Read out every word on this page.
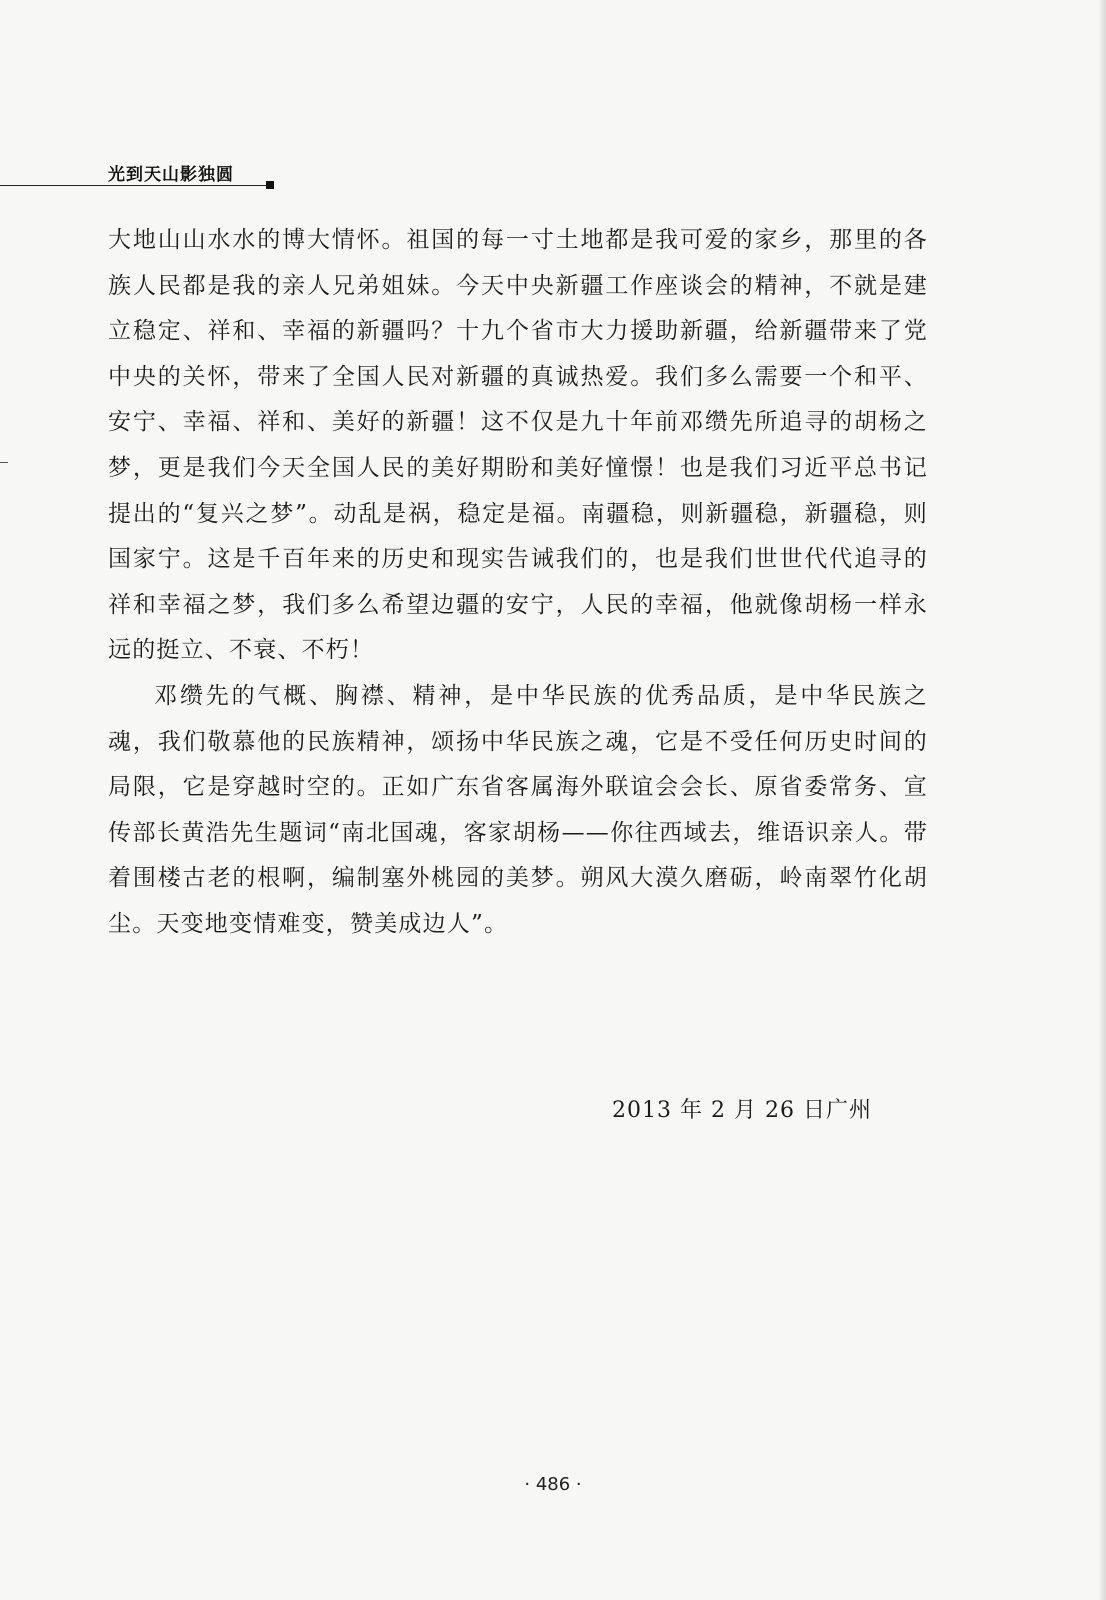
光到天山影独圆

大地山山水水的博大情怀。祖国的每一寸土地都是我可爱的家乡，那里的各族人民都是我的亲人兄弟姐妹。今天中央新疆工作座谈会的精神，不就是建立稳定、祥和、幸福的新疆吗？十九个省市大力援助新疆，给新疆带来了党中央的关怀，带来了全国人民对新疆的真诚热爱。我们多么需要一个和平、安宁、幸福、祥和、美好的新疆！这不仅是九十年前邓缵先所追寻的胡杨之梦，更是我们今天全国人民的美好期盼和美好憧憬！也是我们习近平总书记提出的“复兴之梦”。动乱是祸，稳定是福。南疆稳，则新疆稳，新疆稳，则国家宁。这是千百年来的历史和现实告诫我们的，也是我们世世代代追寻的祥和幸福之梦，我们多么希望边疆的安宁，人民的幸福，他就像胡杨一样永远的挺立、不衰、不朽！

邓缵先的气概、胸襟、精神，是中华民族的优秀品质，是中华民族之魂，我们敬慕他的民族精神，颂扬中华民族之魂，它是不受任何历史时间的局限，它是穿越时空的。正如广东省客属海外联谊会会长、原省委常务、宣传部长黄浩先生题词“南北国魂，客家胡杨——你往西域去，维语识亲人。带着围楼古老的根啊，编制塞外桃园的美梦。朔风大漠久磨砺，岭南翠竹化胡尘。天变地变情难变，赞美成边人”。

2013 年 2 月 26 日广州
· 486 ·
